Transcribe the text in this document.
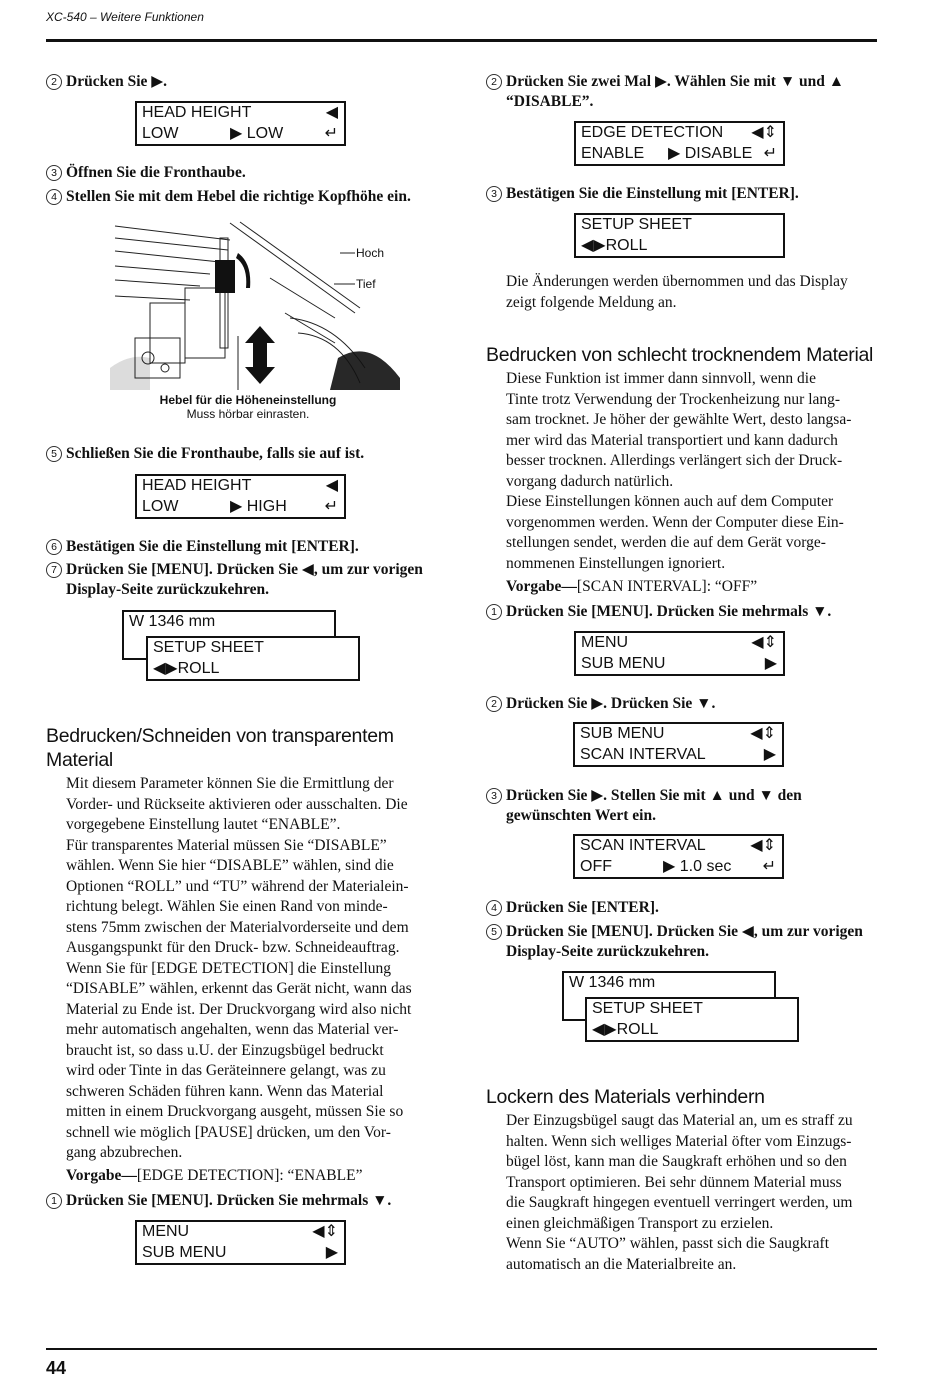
XC-540 – Weitere Funktionen
2 Drücken Sie ▶.
HEAD HEIGHT	◀
LOW	▶ LOW	↵
3 Öffnen Sie die Fronthaube.
4 Stellen Sie mit dem Hebel die richtige Kopfhöhe ein.
Hoch
Tief
Hebel für die Höheneinstellung
Muss hörbar einrasten.
5 Schließen Sie die Fronthaube, falls sie auf ist.
HEAD HEIGHT	◀
LOW	▶ HIGH ↵
6 Bestätigen Sie die Einstellung mit [ENTER].
7 Drücken Sie [MENU]. Drücken Sie ◀, um zur vorigen
Display-Seite zurückzukehren.
W 1346 mm
SETUP SHEET
◀▶ROLL
Bedrucken/Schneiden von transparentem
Material

Mit diesem Parameter können Sie die Ermittlung der

Vorder- und Rückseite aktivieren oder ausschalten. Die

vorgegebene Einstellung lautet “ENABLE”.

Für transparentes Material müssen Sie “DISABLE”

wählen. Wenn Sie hier “DISABLE” wählen, sind die

Optionen “ROLL” und “TU” während der Materialein-

richtung belegt. Wählen Sie einen Rand von minde-

stens 75mm zwischen der Materialvorderseite und dem

Ausgangspunkt für den Druck- bzw. Schneideauftrag.

Wenn Sie für [EDGE DETECTION] die Einstellung

“DISABLE” wählen, erkennt das Gerät nicht, wann das

Material zu Ende ist. Der Druckvorgang wird also nicht

mehr automatisch angehalten, wenn das Material ver-

braucht ist, so dass u.U. der Einzugsbügel bedruckt

wird oder Tinte in das Geräteinnere gelangt, was zu

schweren Schäden führen kann. Wenn das Material

mitten in einem Druckvorgang ausgeht, müssen Sie so

schnell wie möglich [PAUSE] drücken, um den Vor-

gang abzubrechen.

Vorgabe—[EDGE DETECTION]: “ENABLE”
1 Drücken Sie [MENU]. Drücken Sie mehrmals ▼.
MENU	◀⇕
SUB MENU	▶
2 Drücken Sie zwei Mal ▶. Wählen Sie mit ▼ und ▲
“DISABLE”.
EDGE DETECTION ◀⇕
ENABLE ▶ DISABLE ↵
3 Bestätigen Sie die Einstellung mit [ENTER].
SETUP SHEET
◀▶ROLL

Die Änderungen werden übernommen und das Display

zeigt folgende Meldung an.

Bedrucken von schlecht trocknendem Material

Diese Funktion ist immer dann sinnvoll, wenn die

Tinte trotz Verwendung der Trockenheizung nur lang-

sam trocknet. Je höher der gewählte Wert, desto langsa-

mer wird das Material transportiert und kann dadurch

besser trocknen. Allerdings verlängert sich der Druck-

vorgang dadurch natürlich.

Diese Einstellungen können auch auf dem Computer

vorgenommen werden. Wenn der Computer diese Ein-

stellungen sendet, werden die auf dem Gerät vorge-

nommenen Einstellungen ignoriert.

Vorgabe—[SCAN INTERVAL]: “OFF”
1 Drücken Sie [MENU]. Drücken Sie mehrmals ▼.
MENU	◀⇕
SUB MENU	▶
2 Drücken Sie ▶. Drücken Sie ▼.
SUB MENU	◀⇕
SCAN INTERVAL	▶
3 Drücken Sie ▶. Stellen Sie mit ▲ und ▼ den
gewünschten Wert ein.
SCAN INTERVAL	◀⇕
OFF	▶ 1.0 sec ↵
4 Drücken Sie [ENTER].
5 Drücken Sie [MENU]. Drücken Sie ◀, um zur vorigen
Display-Seite zurückzukehren.
W 1346 mm
SETUP SHEET
◀▶ROLL
Lockern des Materials verhindern

Der Einzugsbügel saugt das Material an, um es straff zu

halten. Wenn sich welliges Material öfter vom Einzugs-

bügel löst, kann man die Saugkraft erhöhen und so den

Transport optimieren. Bei sehr dünnem Material muss

die Saugkraft hingegen eventuell verringert werden, um

einen gleichmäßigen Transport zu erzielen.

Wenn Sie “AUTO” wählen, passt sich die Saugkraft

automatisch an die Materialbreite an.

44
